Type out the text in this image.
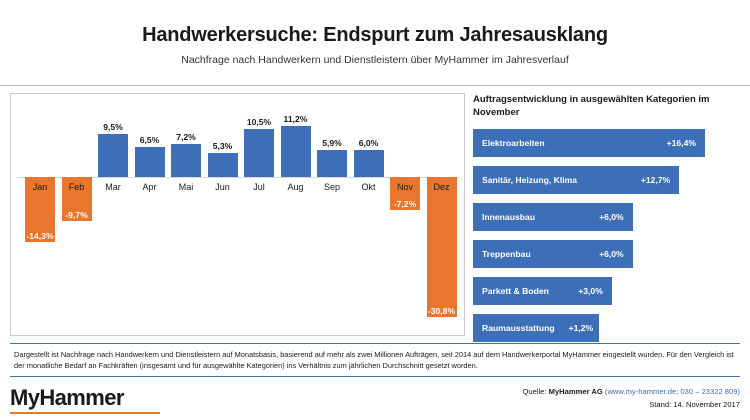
Handwerkersuche: Endspurt zum Jahresausklang
Nachfrage nach Handwerkern und Dienstleistern über MyHammer im Jahresverlauf
-14,3%
Jan
-9,7%
Feb
9,5%
Mar
6,5%
Apr
7,2%
Mai
5,3%
Jun
10,5%
Jul
11,2%
Aug
5,9%
Sep
6,0%
Okt
-7,2%
Nov
-30,8%
Dez
Auftragsentwicklung in ausgewählten Kategorien im November
Elektroarbeiten	+16,4%
Sanitär, Heizung, Klima	+12,7%
Innenausbau	+6,0%
Treppenbau	+6,0%
Parkett & Boden	+3,0%
Raumausstattung +1,2%
Dargestellt ist Nachfrage nach Handwerkern und Dienstleistern auf Monatsbasis, basierend auf mehr als zwei Millionen Aufträgen, seit 2014 auf dem Handwerkerportal MyHammer eingestellt wurden. Für den Vergleich ist der monatliche Bedarf an Fachkräften (insgesamt und für ausgewählte Kategorien) ins Verhältnis zum jährlichen Durchschnitt gesetzt worden.
MyHammer	Quelle: MyHammer AG (www.my-hammer.de; 030 – 23322 809)
Stand: 14. November 2017
